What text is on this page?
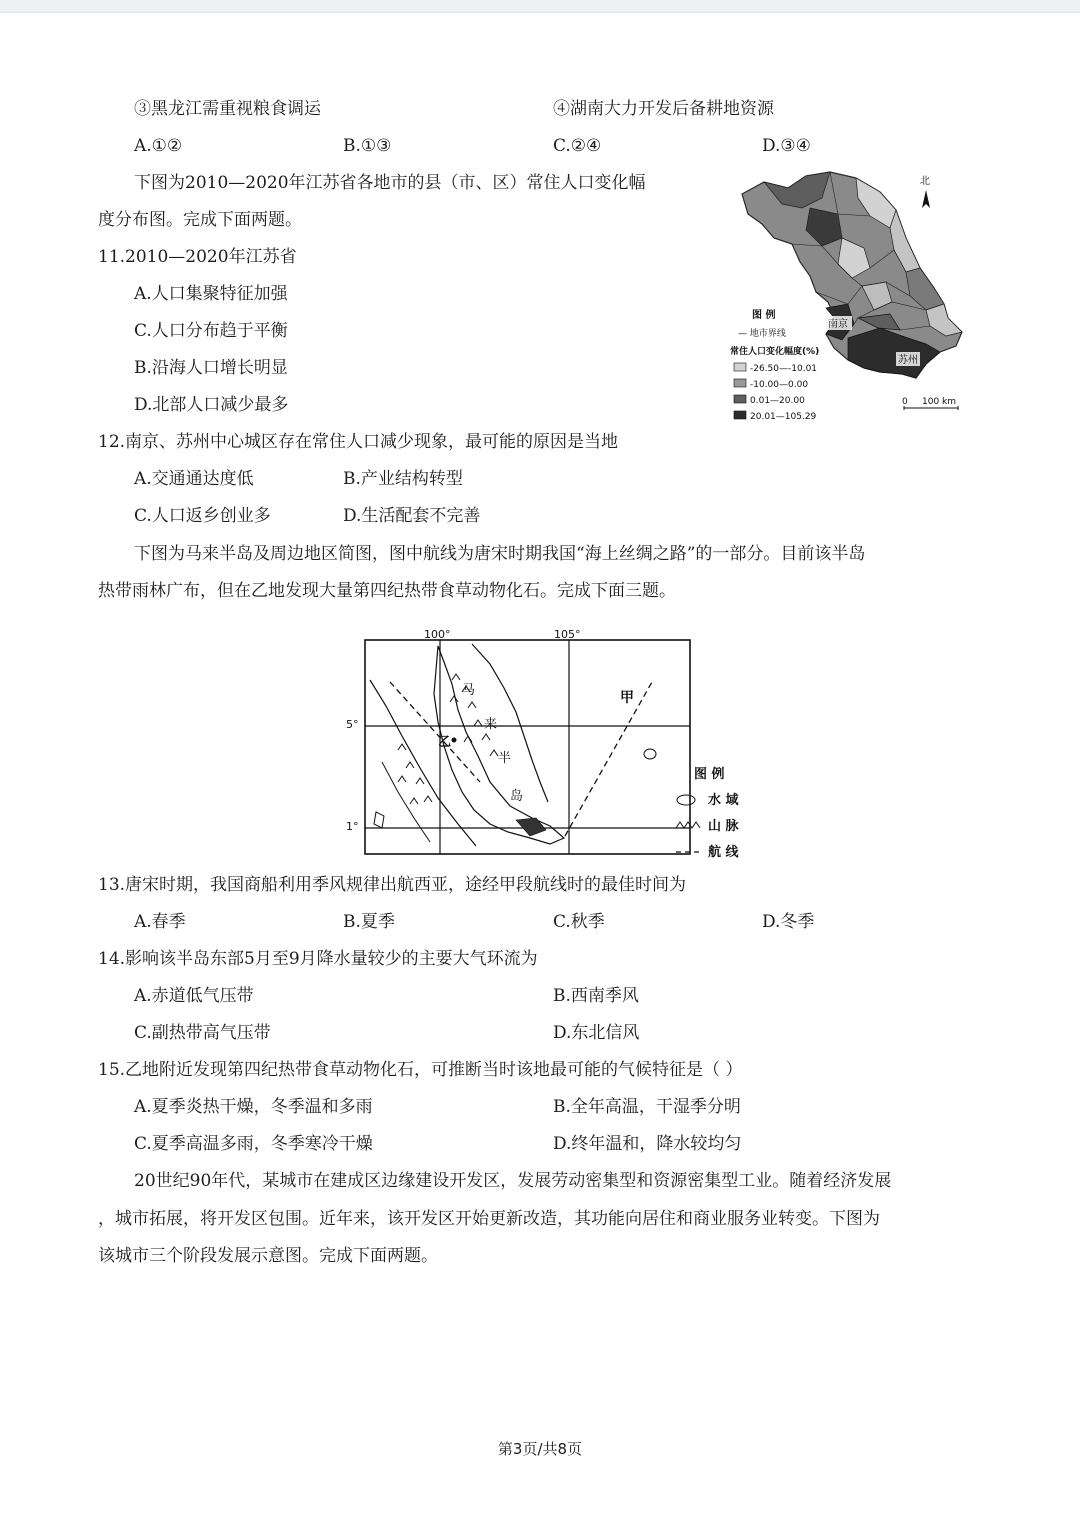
③黑龙江需重视粮食调运	④湖南大力开发后备耕地资源
A.①②	B.①③	C.②④	D.③④
下图为2010—2020年江苏省各地市的县（市、区）常住人口变化幅
度分布图。完成下面两题。
11.2010—2020年江苏省
A.人口集聚特征加强
C.人口分布趋于平衡
B.沿海人口增长明显
D.北部人口减少最多
南京
苏州
北
图 例
— 地市界线
常住人口变化幅度(%)
-26.50—-10.01
-10.00—0.00
0.01—20.00
20.01—105.29
0 100 km
12.南京、苏州中心城区存在常住人口减少现象，最可能的原因是当地
A.交通通达度低	B.产业结构转型
C.人口返乡创业多	D.生活配套不完善
下图为马来半岛及周边地区简图，图中航线为唐宋时期我国“海上丝绸之路”的一部分。目前该半岛
热带雨林广布，但在乙地发现大量第四纪热带食草动物化石。完成下面三题。
100°	105°
5°
1°
甲
乙
马
来
半
岛
图 例
水 域
山 脉
航 线
13.唐宋时期，我国商船利用季风规律出航西亚，途经甲段航线时的最佳时间为
A.春季	B.夏季	C.秋季	D.冬季
14.影响该半岛东部5月至9月降水量较少的主要大气环流为
A.赤道低气压带	B.西南季风
C.副热带高气压带	D.东北信风
15.乙地附近发现第四纪热带食草动物化石，可推断当时该地最可能的气候特征是（ ）
A.夏季炎热干燥，冬季温和多雨	B.全年高温，干湿季分明
C.夏季高温多雨，冬季寒冷干燥	D.终年温和，降水较均匀
20世纪90年代，某城市在建成区边缘建设开发区，发展劳动密集型和资源密集型工业。随着经济发展
，城市拓展，将开发区包围。近年来，该开发区开始更新改造，其功能向居住和商业服务业转变。下图为
该城市三个阶段发展示意图。完成下面两题。
第3页/共8页
